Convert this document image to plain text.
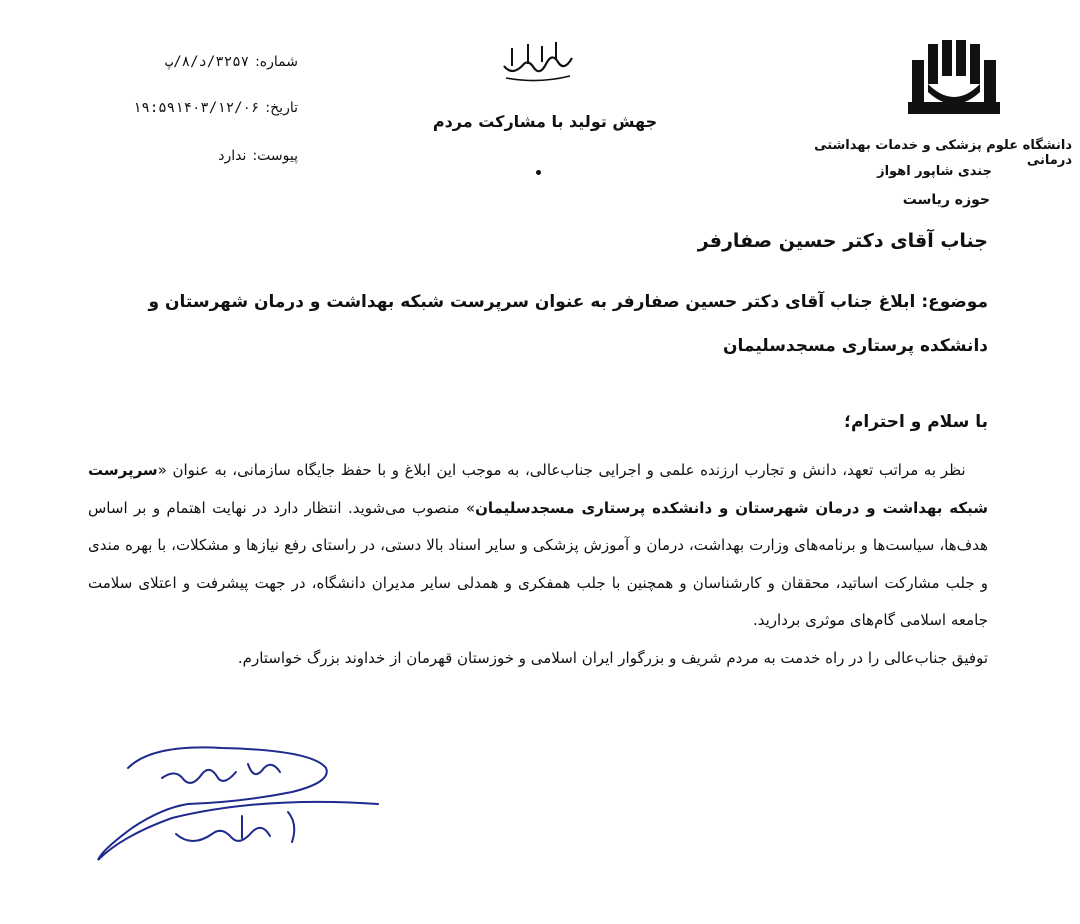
دانشگاه علوم پزشکی و خدمات بهداشتی درمانی
جندی شاپور اهواز
حوزه ریاست
جهش تولید با مشارکت مردم
شماره:۳۲۵۷/د/۸/پ
تاریخ:۱۹:۵۹۱۴۰۳/۱۲/۰۶
پیوست:ندارد
جناب آقای دکتر حسین صفارفر
موضوع:ابلاغ جناب آقای دکتر حسین صفارفر به عنوان سرپرست شبکه بهداشت و درمان شهرستان و دانشکده پرستاری مسجدسلیمان
با سلام و احترام؛

نظر به مراتب تعهد، دانش و تجارب ارزنده علمی و اجرایی جناب‌عالی، به موجب این ابلاغ و با حفظ جایگاه سازمانی، به عنوان «سرپرست شبکه بهداشت و درمان شهرستان و دانشکده پرستاری مسجدسلیمان» منصوب می‌شوید. انتظار دارد در نهایت اهتمام و بر اساس هدف‌ها، سیاست‌ها و برنامه‌های وزارت بهداشت، درمان و آموزش پزشکی و سایر اسناد بالا دستی، در راستای رفع نیازها و مشکلات، با بهره مندی و جلب مشارکت اساتید، محققان و کارشناسان و همچنین با جلب همفکری و همدلی سایر مدیران دانشگاه، در جهت پیشرفت و اعتلای سلامت جامعه اسلامی گام‌های موثری بردارید.

توفیق جناب‌عالی را در راه خدمت به مردم شریف و بزرگوار ایران اسلامی و خوزستان قهرمان از خداوند بزرگ خواستارم.
